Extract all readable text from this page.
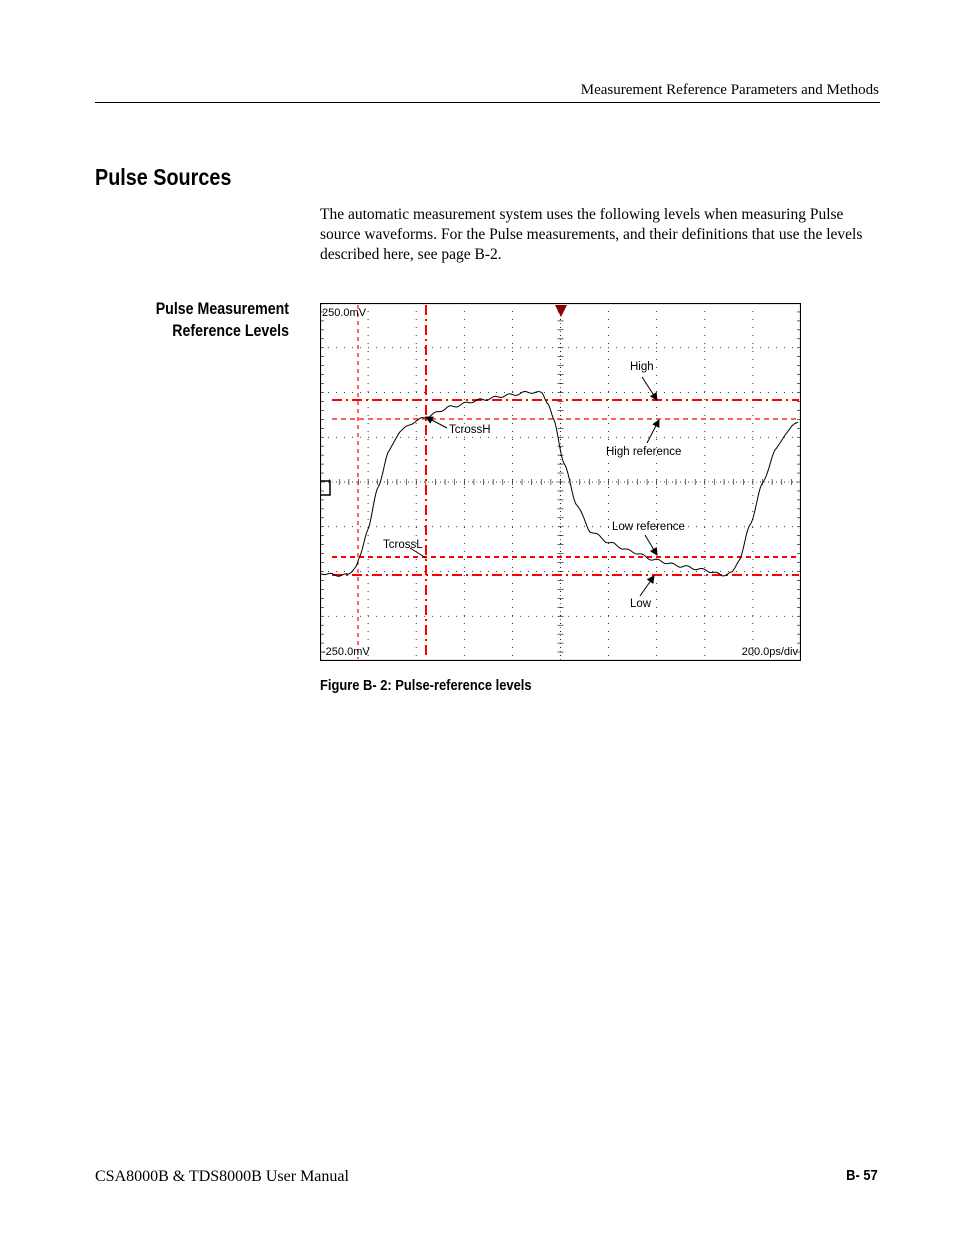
Measurement Reference Parameters and Methods
Pulse Sources
The automatic measurement system uses the following levels when measuring Pulse source waveforms. For the Pulse measurements, and their definitions that use the levels described here, see page B-2.
Pulse Measurement
Reference Levels
250.0mV
-250.0mV	200.0ps/div
High
High reference
Low reference
Low
TcrossH
TcrossL
Figure B- 2: Pulse-reference levels
CSA8000B & TDS8000B User Manual	B- 57
